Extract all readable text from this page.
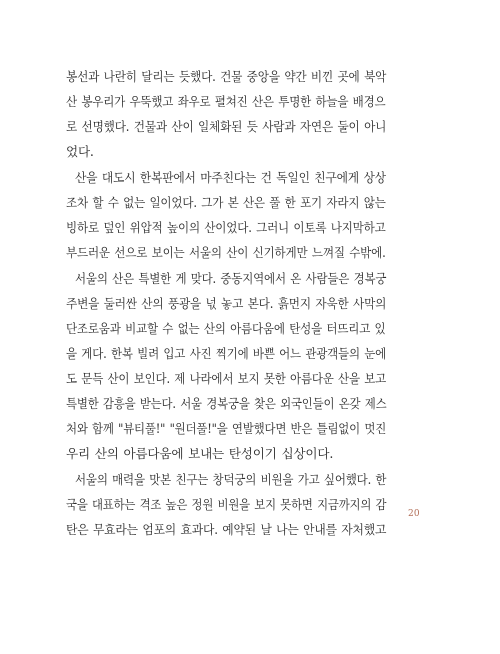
봉선과 나란히 달리는 듯했다. 건물 중앙을 약간 비낀 곳에 북악
산 봉우리가 우뚝했고 좌우로 펼쳐진 산은 투명한 하늘을 배경으
로 선명했다. 건물과 산이 일체화된 듯 사람과 자연은 둘이 아니
었다.
산을 대도시 한복판에서 마주친다는 건 독일인 친구에게 상상
조차 할 수 없는 일이었다. 그가 본 산은 풀 한 포기 자라지 않는
빙하로 덮인 위압적 높이의 산이었다. 그러니 이토록 나지막하고
부드러운 선으로 보이는 서울의 산이 신기하게만 느껴질 수밖에.
서울의 산은 특별한 게 맞다. 중동지역에서 온 사람들은 경복궁
주변을 둘러싼 산의 풍광을 넋 놓고 본다. 흙먼지 자욱한 사막의
단조로움과 비교할 수 없는 산의 아름다움에 탄성을 터뜨리고 있
을 게다. 한복 빌려 입고 사진 찍기에 바쁜 어느 관광객들의 눈에
도 문득 산이 보인다. 제 나라에서 보지 못한 아름다운 산을 보고
특별한 감흥을 받는다. 서울 경복궁을 찾은 외국인들이 온갖 제스
처와 함께 "뷰티풀!" "원더풀!"을 연발했다면 반은 틀림없이 멋진
우리 산의 아름다움에 보내는 탄성이기 십상이다.
서울의 매력을 맛본 친구는 창덕궁의 비원을 가고 싶어했다. 한
국을 대표하는 격조 높은 정원 비원을 보지 못하면 지금까지의 감
탄은 무효라는 엄포의 효과다. 예약된 날 나는 안내를 자처했고
20
